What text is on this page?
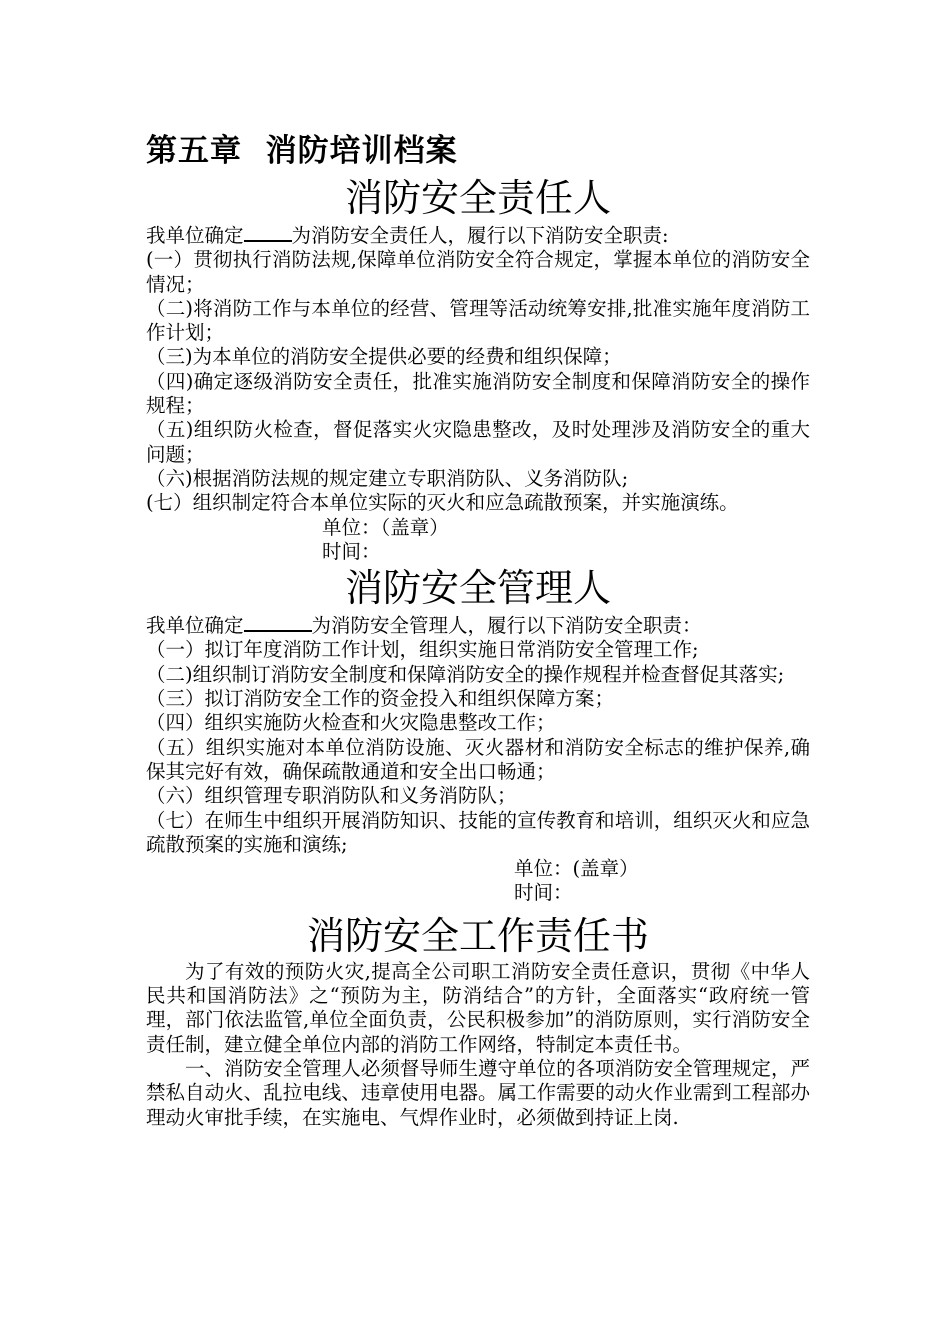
第五章  消防培训档案
消防安全责任人
我单位确定 为消防安全责任人，履行以下消防安全职责:
(一）贯彻执行消防法规,保障单位消防安全符合规定，掌握本单位的消防安全情况；
（二)将消防工作与本单位的经营、管理等活动统筹安排,批准实施年度消防工作计划；
（三)为本单位的消防安全提供必要的经费和组织保障；
（四)确定逐级消防安全责任，批准实施消防安全制度和保障消防安全的操作规程；
（五)组织防火检查，督促落实火灾隐患整改，及时处理涉及消防安全的重大问题；
（六)根据消防法规的规定建立专职消防队、义务消防队;
(七）组织制定符合本单位实际的灭火和应急疏散预案，并实施演练。
单位：（盖章）
时间：
消防安全管理人
我单位确定	为消防安全管理人，履行以下消防安全职责：
（一）拟订年度消防工作计划，组织实施日常消防安全管理工作;
（二)组织制订消防安全制度和保障消防安全的操作规程并检查督促其落实;
（三）拟订消防安全工作的资金投入和组织保障方案；
（四）组织实施防火检查和火灾隐患整改工作；
（五）组织实施对本单位消防设施、灭火器材和消防安全标志的维护保养,确保其完好有效，确保疏散通道和安全出口畅通；
（六）组织管理专职消防队和义务消防队；
（七）在师生中组织开展消防知识、技能的宣传教育和培训，组织灭火和应急疏散预案的实施和演练;
单位：(盖章）
时间：
消防安全工作责任书
为了有效的预防火灾,提高全公司职工消防安全责任意识，贯彻《中华人民共和国消防法》之“预防为主，防消结合”的方针，全面落实“政府统一管理，部门依法监管,单位全面负责，公民积极参加”的消防原则，实行消防安全责任制，建立健全单位内部的消防工作网络，特制定本责任书。
一、消防安全管理人必须督导师生遵守单位的各项消防安全管理规定，严禁私自动火、乱拉电线、违章使用电器。属工作需要的动火作业需到工程部办理动火审批手续，在实施电、气焊作业时，必须做到持证上岗.
